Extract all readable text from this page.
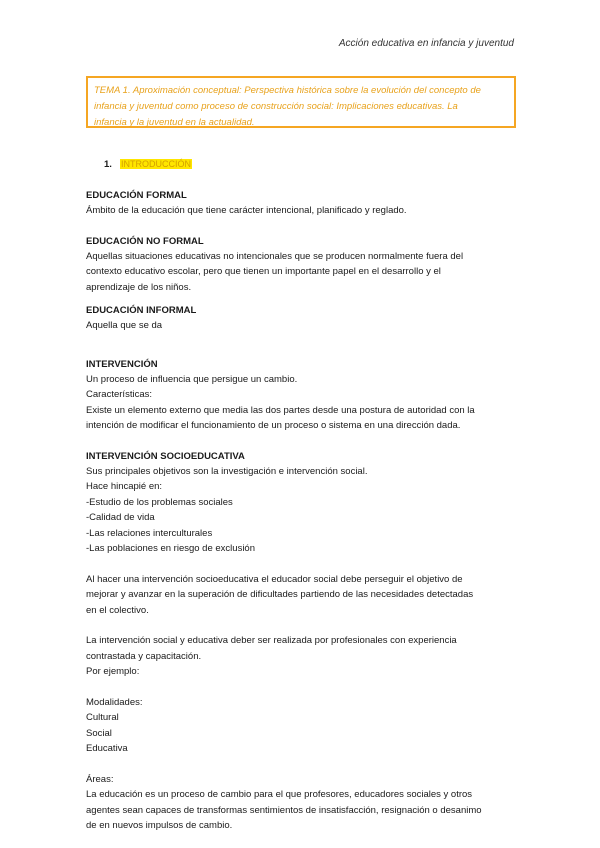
Acción educativa en infancia y juventud
TEMA 1. Aproximación conceptual: Perspectiva histórica sobre la evolución del concepto de
infancia y juventud como proceso de construcción social: Implicaciones educativas. La
infancia y la juventud en la actualidad.
1. INTRODUCCIÓN
EDUCACIÓN FORMAL
Ámbito de la educación que tiene carácter intencional, planificado y reglado.
EDUCACIÓN NO FORMAL
Aquellas situaciones educativas no intencionales que se producen normalmente fuera del
contexto educativo escolar, pero que tienen un importante papel en el desarrollo y el
aprendizaje de los niños.
EDUCACIÓN INFORMAL
Aquella que se da
INTERVENCIÓN
Un proceso de influencia que persigue un cambio.
Características:
Existe un elemento externo que media las dos partes desde una postura de autoridad con la
intención de modificar el funcionamiento de un proceso o sistema en una dirección dada.
INTERVENCIÓN SOCIOEDUCATIVA
Sus principales objetivos son la investigación e intervención social.
Hace hincapié en:
-Estudio de los problemas sociales
-Calidad de vida
-Las relaciones interculturales
-Las poblaciones en riesgo de exclusión
Al hacer una intervención socioeducativa el educador social debe perseguir el objetivo de
mejorar y avanzar en la superación de dificultades partiendo de las necesidades detectadas
en el colectivo.
La intervención social y educativa deber ser realizada por profesionales con experiencia
contrastada y capacitación.
Por ejemplo:
Modalidades:
Cultural
Social
Educativa
Áreas:
La educación es un proceso de cambio para el que profesores, educadores sociales y otros
agentes sean capaces de transformas sentimientos de insatisfacción, resignación o desanimo
de en nuevos impulsos de cambio.
